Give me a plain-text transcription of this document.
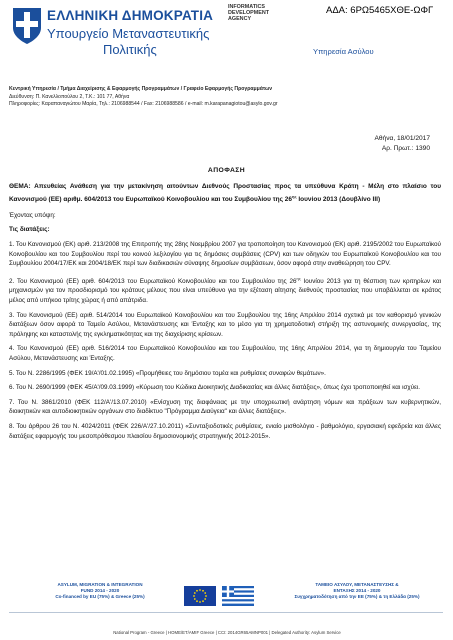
ΕΛΛΗΝΙΚΗ ΔΗΜΟΚΡΑΤΙΑ
Υπουργείο Μεταναστευτικής
Πολιτικής
INFORMATICS
DEVELOPMENT
AGENCY
ΑΔΑ: 6ΡΩ5465ΧΘΕ-ΩΦΓ
Υπηρεσία Ασύλου
Κεντρική Υπηρεσία / Τμήμα Διαχείρισης & Εφαρμογής Προγραμμάτων / Γραφείο Εφαρμογής Προγραμμάτων
Διεύθυνση: Π. Κανελλοπούλου 2, Τ.Κ.: 101 77, Αθήνα
Πληροφορίες: Καραπαναγιώτου Μαρία, Τηλ.: 2106988544 / Fax: 2106988586 / e-mail: m.karapanagiotou@asylo.gov.gr
Αθήνα, 18/01/2017
Αρ. Πρωτ.: 1390
ΑΠΟΦΑΣΗ
ΘΕΜΑ: Απευθείας Ανάθεση για την μετακίνηση αιτούντων Διεθνούς Προστασίας προς τα υπεύθυνα Κράτη - Μέλη στο πλαίσιο του Κανονισμού (ΕΕ) αριθμ. 604/2013 του Ευρωπαϊκού Κοινοβουλίου και του Συμβουλίου της $26^{\eta\varsigma}$ Ιουνίου 2013 (Δουβλίνο ΙΙΙ)
Έχοντας υπόψη:
Τις διατάξεις:
1. Του Κανονισμού (ΕΚ) αριθ. 213/2008 της Επιτροπής της 28ης Νοεμβρίου 2007 για τροποποίηση του Κανονισμού (ΕΚ) αριθ. 2195/2002 του Ευρωπαϊκού Κοινοβουλίου και του Συμβουλίου περί του κοινού λεξιλογίου για τις δημόσιες συμβάσεις (CPV) και των οδηγιών του Ευρωπαϊκού Κοινοβουλίου και του Συμβουλίου 2004/17/ΕΚ και 2004/18/ΕΚ περί των διαδικασιών σύναψης δημοσίων συμβάσεων, όσον αφορά στην αναθεώρηση του CPV.
2. Του Κανονισμού (ΕΕ) αριθ. 604/2013 του Ευρωπαϊκού Κοινοβουλίου και του Συμβουλίου της $26^{\eta\varsigma}$ Ιουνίου 2013 για τη θέσπιση των κριτηρίων και μηχανισμών για τον προσδιορισμό του κράτους μέλους που είναι υπεύθυνο για την εξέταση αίτησης διεθνούς προστασίας που υποβάλλεται σε κράτος μέλος από υπήκοο τρίτης χώρας ή από απάτριδα.
3. Του Κανονισμού (ΕΕ) αριθ. 514/2014 του Ευρωπαϊκού Κοινοβουλίου και του Συμβουλίου της 16ης Απριλίου 2014 σχετικά με τον καθορισμό γενικών διατάξεων όσον αφορά το Ταμείο Ασύλου, Μετανάστευσης και Ένταξης και το μέσο για τη χρηματοδοτική στήριξη της αστυνομικής συνεργασίας, της πρόληψης και καταστολής της εγκληματικότητας και της διαχείρισης κρίσεων.
4. Του Κανονισμού (ΕΕ) αριθ. 516/2014 του Ευρωπαϊκού Κοινοβουλίου και του Συμβουλίου, της 16ης Απριλίου 2014, για τη δημιουργία του Ταμείου Ασύλου, Μετανάστευσης και Ένταξης.
5. Του Ν. 2286/1995 (ΦΕΚ 19/Α'/01.02.1995) «Προμήθειες του δημόσιου τομέα και ρυθμίσεις συναφών θεμάτων».
6. Του Ν. 2690/1999 (ΦΕΚ 45/Α'/09.03.1999) «Κύρωση του Κώδικα Διοικητικής Διαδικασίας και άλλες διατάξεις», όπως έχει τροποποιηθεί και ισχύει.
7. Του Ν. 3861/2010 (ΦΕΚ 112/Α'/13.07.2010) «Ενίσχυση της διαφάνειας με την υποχρεωτική ανάρτηση νόμων και πράξεων των κυβερνητικών, διοικητικών και αυτοδιοικητικών οργάνων στο διαδίκτυο "Πρόγραμμα Διαύγεια" και άλλες διατάξεις».
8. Του άρθρου 26 του Ν. 4024/2011 (ΦΕΚ 226/Α'/27.10.2011) «Συνταξιοδοτικές ρυθμίσεις, ενιαίο μισθολόγιο - βαθμολόγιο, εργασιακή εφεδρεία και άλλες διατάξεις εφαρμογής του μεσοπρόθεσμου πλαισίου δημοσιονομικής στρατηγικής 2012-2015».
ASYLUM, MIGRATION & INTEGRATION
FUND 2014 - 2020
Co-financed by EU (75%) & Greece (25%)
ΤΑΜΕΙΟ ΑΣΥΛΟΥ, ΜΕΤΑΝΑΣΤΕΥΣΗΣ &
ΕΝΤΑΞΗΣ 2014 - 2020
Συγχρηματοδότηση από την ΕΕ (75%) & τη Ελλάδα (25%)
National Program - Greece | HOME/ET/AMIF Greece | CCI: 2014GR65AMNP001 | Delegated Authority: Asylum Service
